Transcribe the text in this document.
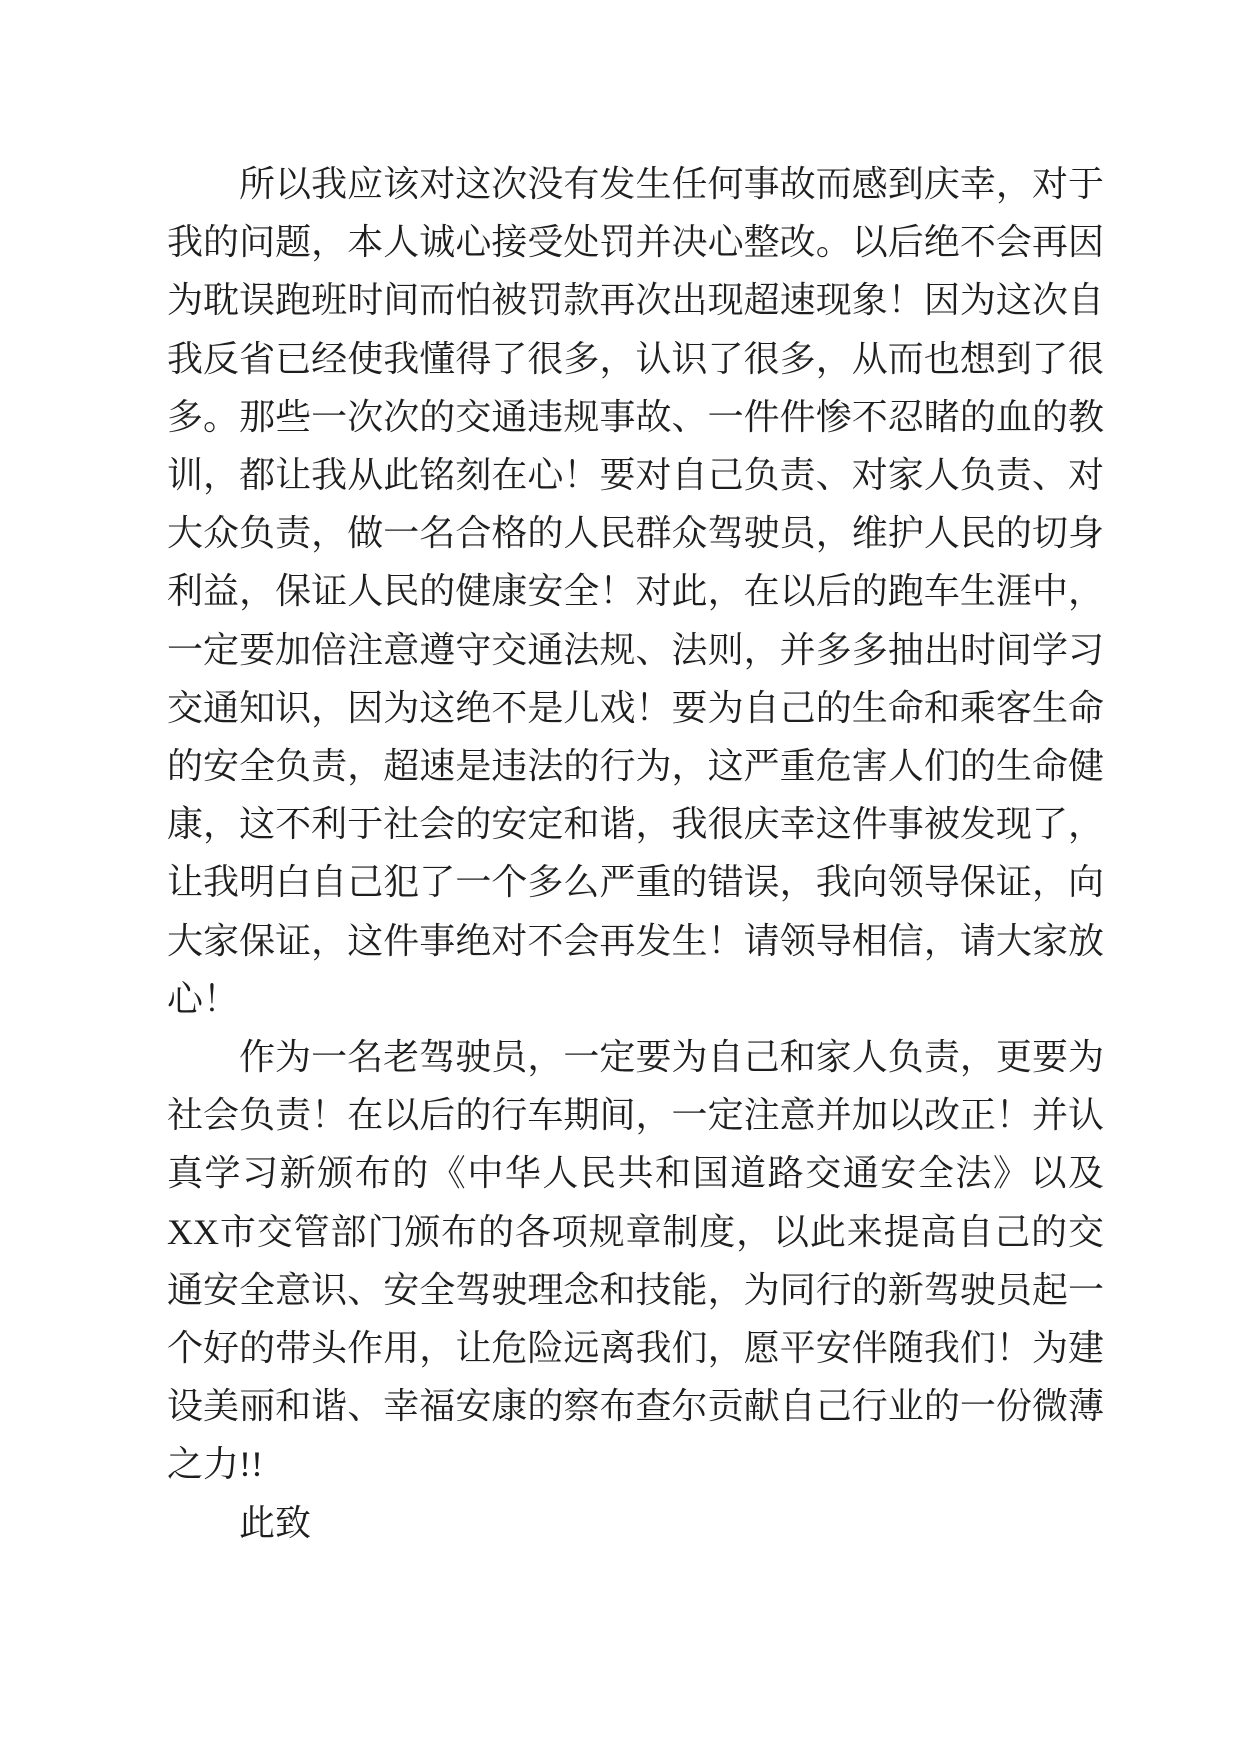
所以我应该对这次没有发生任何事故而感到庆幸，对于我的问题，本人诚心接受处罚并决心整改。以后绝不会再因为耽误跑班时间而怕被罚款再次出现超速现象！因为这次自我反省已经使我懂得了很多，认识了很多，从而也想到了很多。那些一次次的交通违规事故、一件件惨不忍睹的血的教训，都让我从此铭刻在心！要对自己负责、对家人负责、对大众负责，做一名合格的人民群众驾驶员，维护人民的切身利益，保证人民的健康安全！对此，在以后的跑车生涯中，一定要加倍注意遵守交通法规、法则，并多多抽出时间学习交通知识，因为这绝不是儿戏！要为自己的生命和乘客生命的安全负责，超速是违法的行为，这严重危害人们的生命健康，这不利于社会的安定和谐，我很庆幸这件事被发现了，让我明白自己犯了一个多么严重的错误，我向领导保证，向大家保证，这件事绝对不会再发生！请领导相信，请大家放心！

作为一名老驾驶员，一定要为自己和家人负责，更要为社会负责！在以后的行车期间，一定注意并加以改正！并认真学习新颁布的《中华人民共和国道路交通安全法》以及XX市交管部门颁布的各项规章制度，以此来提高自己的交通安全意识、安全驾驶理念和技能，为同行的新驾驶员起一个好的带头作用，让危险远离我们，愿平安伴随我们！为建设美丽和谐、幸福安康的察布查尔贡献自己行业的一份微薄之力!!

此致
